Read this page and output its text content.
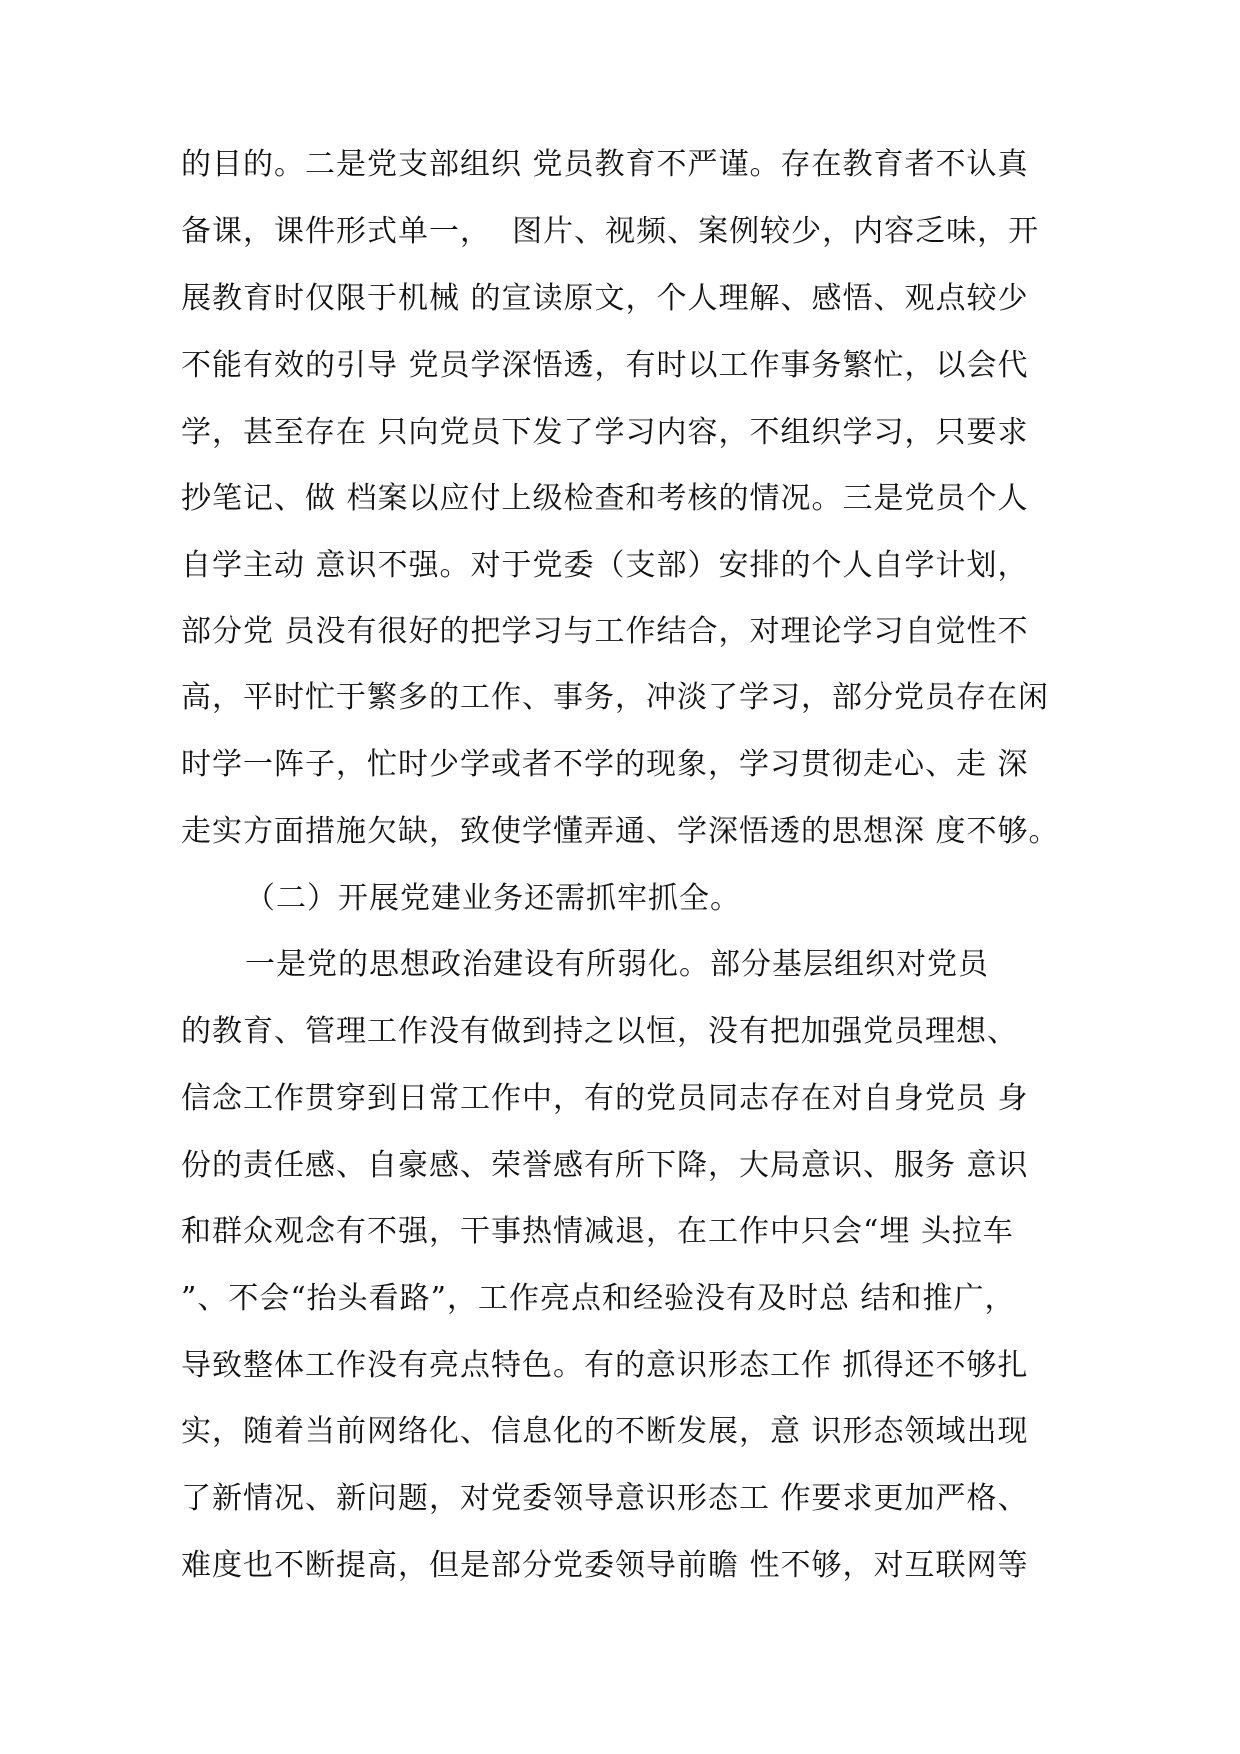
的目的。二是党支部组织 党员教育不严谨。存在教育者不认真
备课，课件形式单一，  图片、视频、案例较少，内容乏味，开
展教育时仅限于机械 的宣读原文，个人理解、感悟、观点较少
不能有效的引导 党员学深悟透，有时以工作事务繁忙，以会代
学，甚至存在 只向党员下发了学习内容，不组织学习，只要求
抄笔记、做 档案以应付上级检查和考核的情况。三是党员个人
自学主动 意识不强。对于党委（支部）安排的个人自学计划，
部分党 员没有很好的把学习与工作结合，对理论学习自觉性不
高，平时忙于繁多的工作、事务，冲淡了学习，部分党员存在闲
时学一阵子，忙时少学或者不学的现象，学习贯彻走心、走 深
走实方面措施欠缺，致使学懂弄通、学深悟透的思想深 度不够。
（二）开展党建业务还需抓牢抓全。
一是党的思想政治建设有所弱化。部分基层组织对党员
的教育、管理工作没有做到持之以恒，没有把加强党员理想、
信念工作贯穿到日常工作中，有的党员同志存在对自身党员 身
份的责任感、自豪感、荣誉感有所下降，大局意识、服务 意识
和群众观念有不强，干事热情减退，在工作中只会“埋 头拉车
”、不会“抬头看路”，工作亮点和经验没有及时总 结和推广，
导致整体工作没有亮点特色。有的意识形态工作 抓得还不够扎
实，随着当前网络化、信息化的不断发展，意 识形态领域出现
了新情况、新问题，对党委领导意识形态工 作要求更加严格、
难度也不断提高，但是部分党委领导前瞻 性不够，对互联网等
